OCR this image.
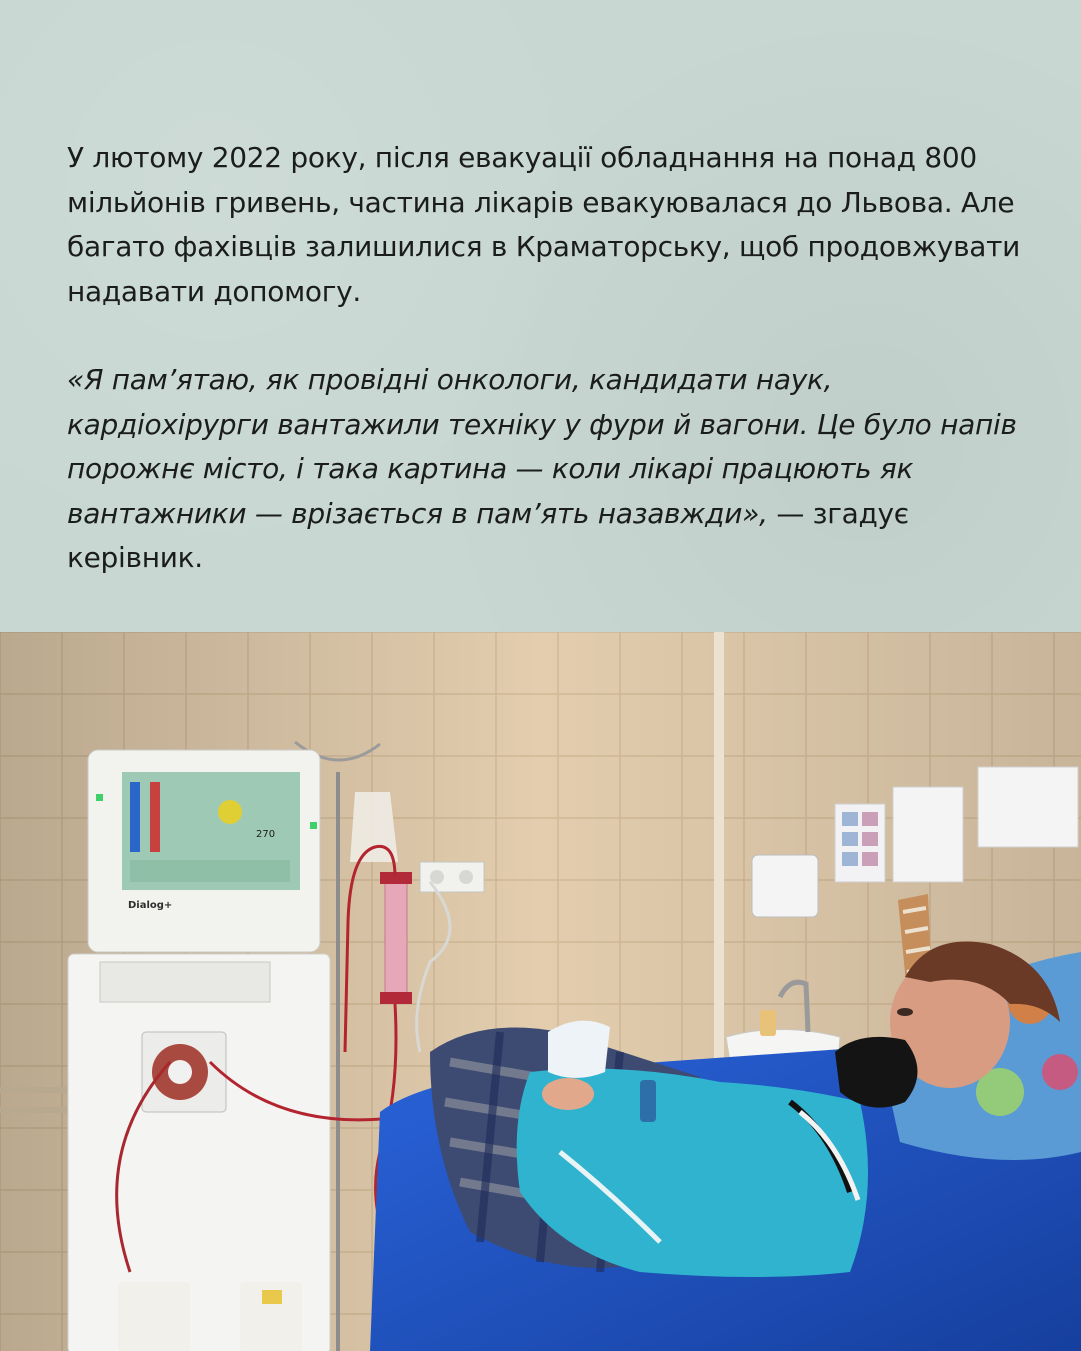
У лютому 2022 року, після евакуації обладнання на понад 800 мільйонів гривень, частина лікарів евакуювалася до Львова. Але багато фахівців залишилися в Краматорську, щоб продовжувати надавати допомогу.

«Я пам’ятаю, як провідні онкологи, кандидати наук, кардіохірурги вантажили техніку у фури й вагони. Це було напів порожнє місто, і така картина — коли лікарі працюють як вантажники — врізається в пам’ять назавжди», — згадує керівник.

270
Dialog+
